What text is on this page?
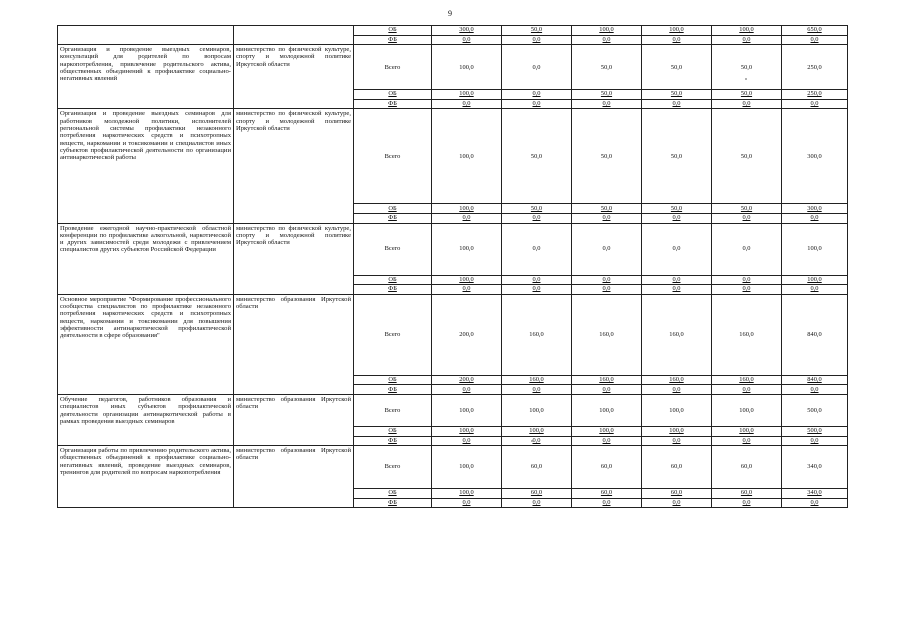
9
		ОБ	300,0	50,0	100,0	100,0	100,0	650,0	
		ФБ	0,0	0,0	0,0	0,0	0,0	0,0	
Организация и проведение выездных семинаров, консультаций для родителей по вопросам наркопотребления, привлечение родительского актива, общественных объединений к профилактике социально-негативных явлений	министерство по физической культуре, спорту и молодежной политике Иркутской области	Всего	100,0	0,0	50,0	50,0	50,0	250,0	
		ОБ	100,0	0,0	50,0	50,0	50,0	250,0	
		ФБ	0,0	0,0	0,0	0,0	0,0	0,0	
Организация и проведение выездных семинаров для работников молодежной политики, исполнителей региональной системы профилактики незаконного потребления наркотических средств и психотропных веществ, наркомании и токсикомании и специалистов иных субъектов профилактической деятельности по организации антинаркотической работы	министерство по физической культуре, спорту и молодежной политике Иркутской области	Всего	100,0	50,0	50,0	50,0	50,0	300,0	
		ОБ	100,0	50,0	50,0	50,0	50,0	300,0	
		ФБ	0,0	0,0	0,0	0,0	0,0	0,0	
Проведение ежегодной научно-практической областной конференции по профилактике алкогольной, наркотической и других зависимостей среди молодежи с привлечением специалистов других субъектов Российской Федерации	министерство по физической культуре, спорту и молодежной политике Иркутской области	Всего	100,0	0,0	0,0	0,0	0,0	100,0	
		ОБ	100,0	0,0	0,0	0,0	0,0	100,0	
		ФБ	0,0	0,0	0,0	0,0	0,0	0,0	
Основное мероприятие "Формирование профессионального сообщества специалистов по профилактике незаконного потребления наркотических средств и психотропных веществ, наркомании и токсикомании для повышения эффективности антинаркотической профилактической деятельности в сфере образования"	министерство образования Иркутской области	Всего	200,0	160,0	160,0	160,0	160,0	840,0	
		ОБ	200,0	160,0	160,0	160,0	160,0	840,0	
		ФБ	0,0	0,0	0,0	0,0	0,0	0,0	
Обучение педагогов, работников образования и специалистов иных субъектов профилактической деятельности организации антинаркотической работы в рамках проведения выездных семинаров	министерство образования Иркутской области	Всего	100,0	100,0	100,0	100,0	100,0	500,0	
		ОБ	100,0	100,0	100,0	100,0	100,0	500,0	
		ФБ	0,0	0,0	0,0	0,0	0,0	0,0	
Организация работы по привлечению родительского актива, общественных объединений к профилактике социально-негативных явлений, проведение выездных семинаров, тренингов для родителей по вопросам наркопотребления	министерство образования Иркутской области	Всего	100,0	60,0	60,0	60,0	60,0	340,0	
		ОБ	100,0	60,0	60,0	60,0	60,0	340,0	
		ФБ	0,0	0,0	0,0	0,0	0,0	0,0	
